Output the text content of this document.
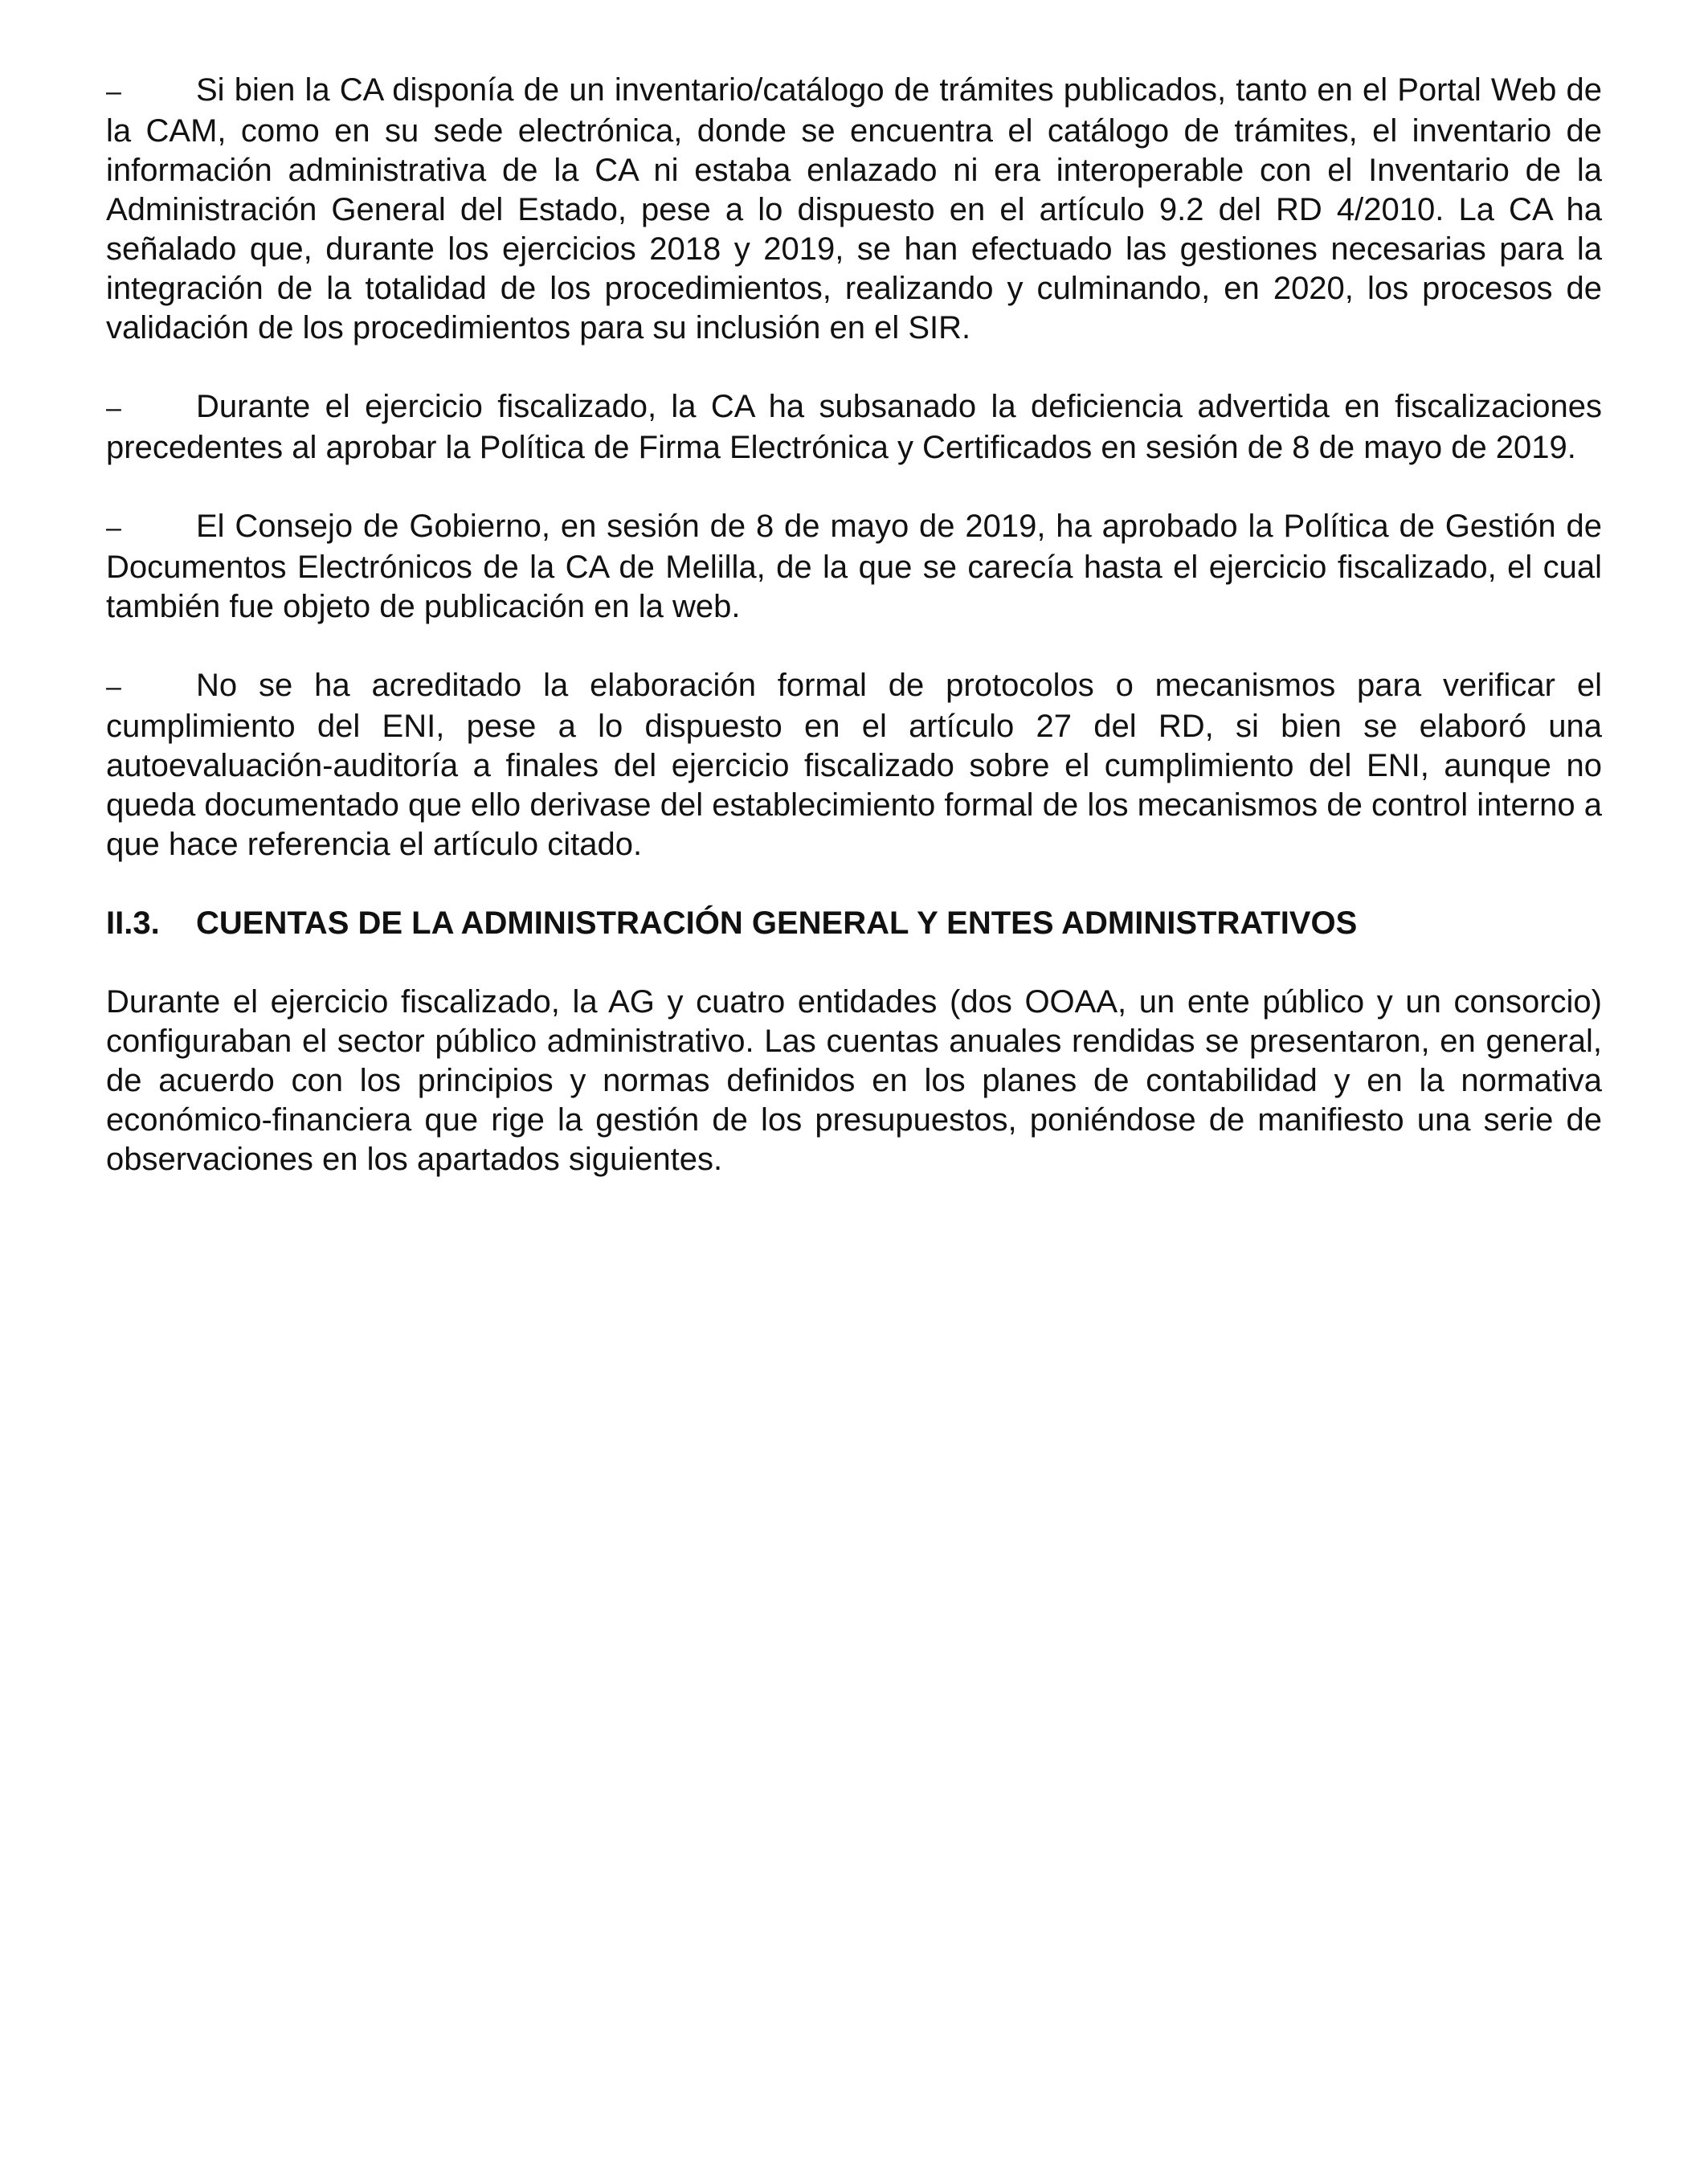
– Si bien la CA disponía de un inventario/catálogo de trámites publicados, tanto en el Portal Web de la CAM, como en su sede electrónica, donde se encuentra el catálogo de trámites, el inventario de información administrativa de la CA ni estaba enlazado ni era interoperable con el Inventario de la Administración General del Estado, pese a lo dispuesto en el artículo 9.2 del RD 4/2010. La CA ha señalado que, durante los ejercicios 2018 y 2019, se han efectuado las gestiones necesarias para la integración de la totalidad de los procedimientos, realizando y culminando, en 2020, los procesos de validación de los procedimientos para su inclusión en el SIR.

– Durante el ejercicio fiscalizado, la CA ha subsanado la deficiencia advertida en fiscalizaciones precedentes al aprobar la Política de Firma Electrónica y Certificados en sesión de 8 de mayo de 2019.

– El Consejo de Gobierno, en sesión de 8 de mayo de 2019, ha aprobado la Política de Gestión de Documentos Electrónicos de la CA de Melilla, de la que se carecía hasta el ejercicio fiscalizado, el cual también fue objeto de publicación en la web.

– No se ha acreditado la elaboración formal de protocolos o mecanismos para verificar el cumplimiento del ENI, pese a lo dispuesto en el artículo 27 del RD, si bien se elaboró una autoevaluación-auditoría a finales del ejercicio fiscalizado sobre el cumplimiento del ENI, aunque no queda documentado que ello derivase del establecimiento formal de los mecanismos de control interno a que hace referencia el artículo citado.

II.3. CUENTAS DE LA ADMINISTRACIÓN GENERAL Y ENTES ADMINISTRATIVOS

Durante el ejercicio fiscalizado, la AG y cuatro entidades (dos OOAA, un ente público y un consorcio) configuraban el sector público administrativo. Las cuentas anuales rendidas se presentaron, en general, de acuerdo con los principios y normas definidos en los planes de contabilidad y en la normativa económico-financiera que rige la gestión de los presupuestos, poniéndose de manifiesto una serie de observaciones en los apartados siguientes.
